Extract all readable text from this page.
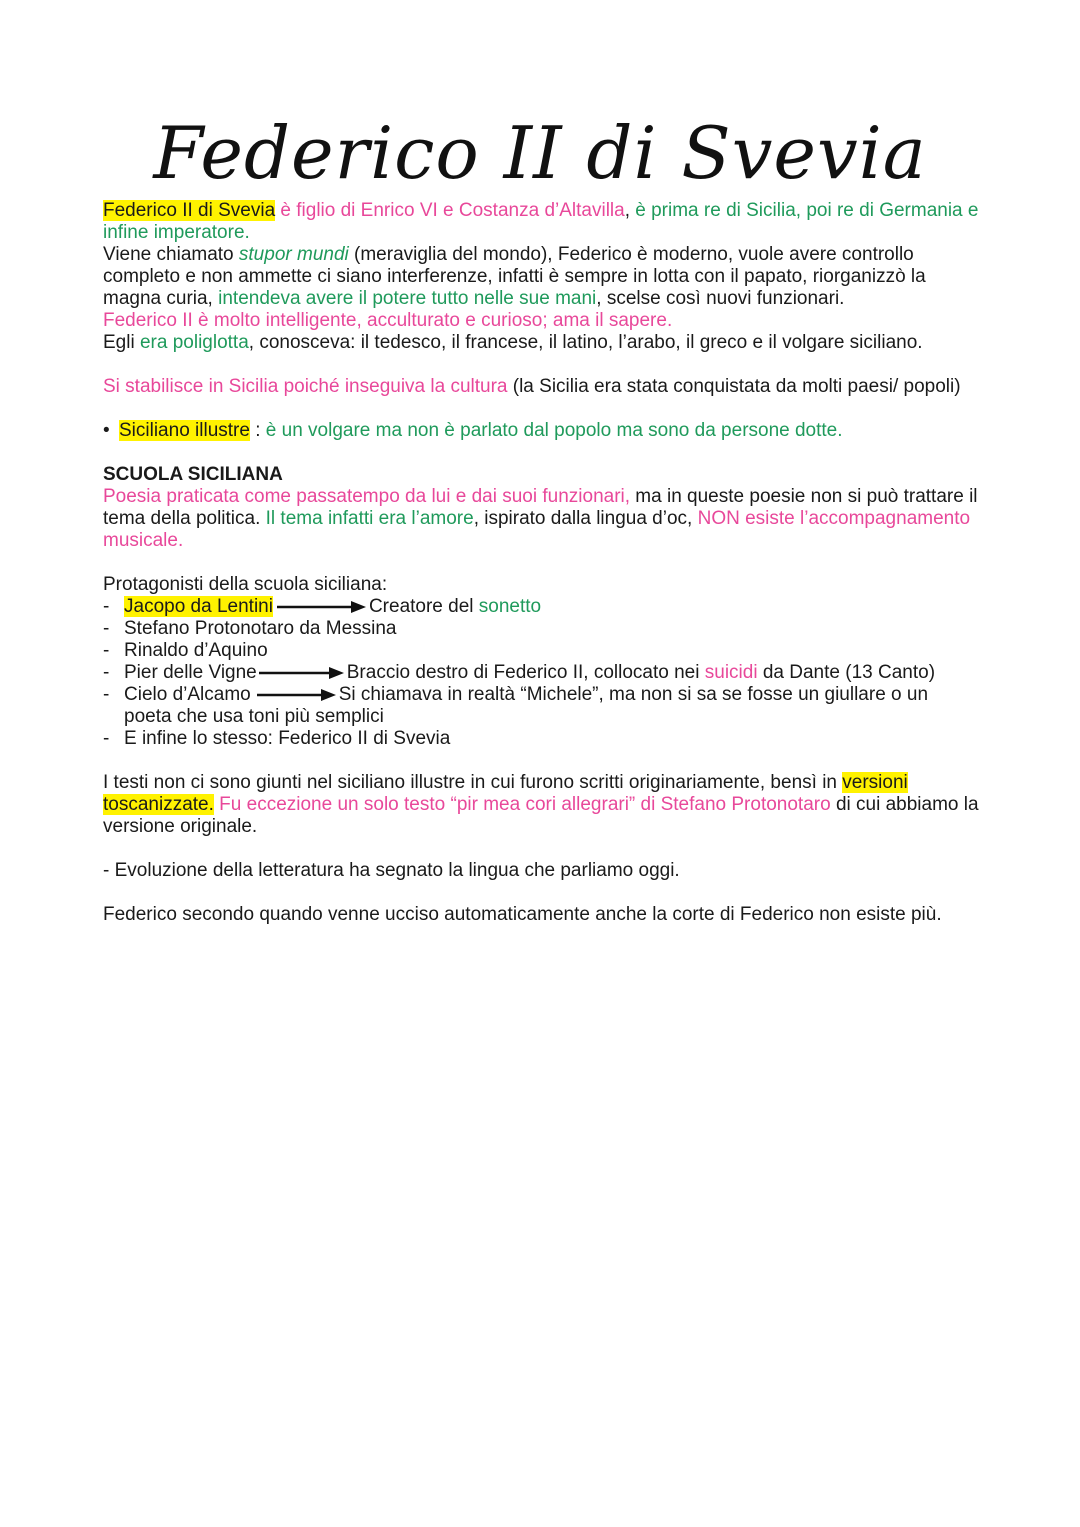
Federico II di Svevia

Federico II di Svevia è figlio di Enrico VI e Costanza d’Altavilla, è prima re di Sicilia, poi re di Germania e infine imperatore.

Viene chiamato stupor mundi (meraviglia del mondo), Federico è moderno, vuole avere controllo completo e non ammette ci siano interferenze, infatti è sempre in lotta con il papato, riorganizzò la magna curia, intendeva avere il potere tutto nelle sue mani, scelse così nuovi funzionari.

Federico II è molto intelligente, acculturato e curioso; ama il sapere.

Egli era poliglotta, conosceva: il tedesco, il francese, il latino, l’arabo, il greco e il volgare siciliano.

Si stabilisce in Sicilia poiché inseguiva la cultura (la Sicilia era stata conquistata da molti paesi/ popoli)

• Siciliano illustre : è un volgare ma non è parlato dal popolo ma sono da persone dotte.

SCUOLA SICILIANA

Poesia praticata come passatempo da lui e dai suoi funzionari, ma in queste poesie non si può trattare il tema della politica. Il tema infatti era l’amore, ispirato dalla lingua d’oc, NON esiste l’accompagnamento musicale.

Protagonisti della scuola siciliana:

- Jacopo da Lentini	Creatore del sonetto
- Stefano Protonotaro da Messina
- Rinaldo d’Aquino
- Pier delle Vigne	Braccio destro di Federico II, collocato nei suicidi da Dante (13 Canto)
- Cielo d’Alcamo	Si chiamava in realtà “Michele”, ma non si sa se fosse un giullare o un
poeta che usa toni più semplici
- E infine lo stesso: Federico II di Svevia

I testi non ci sono giunti nel siciliano illustre in cui furono scritti originariamente, bensì in versioni toscanizzate. Fu eccezione un solo testo “pir mea cori allegrari” di Stefano Protonotaro di cui abbiamo la versione originale.

- Evoluzione della letteratura ha segnato la lingua che parliamo oggi.

Federico secondo quando venne ucciso automaticamente anche la corte di Federico non esiste più.
